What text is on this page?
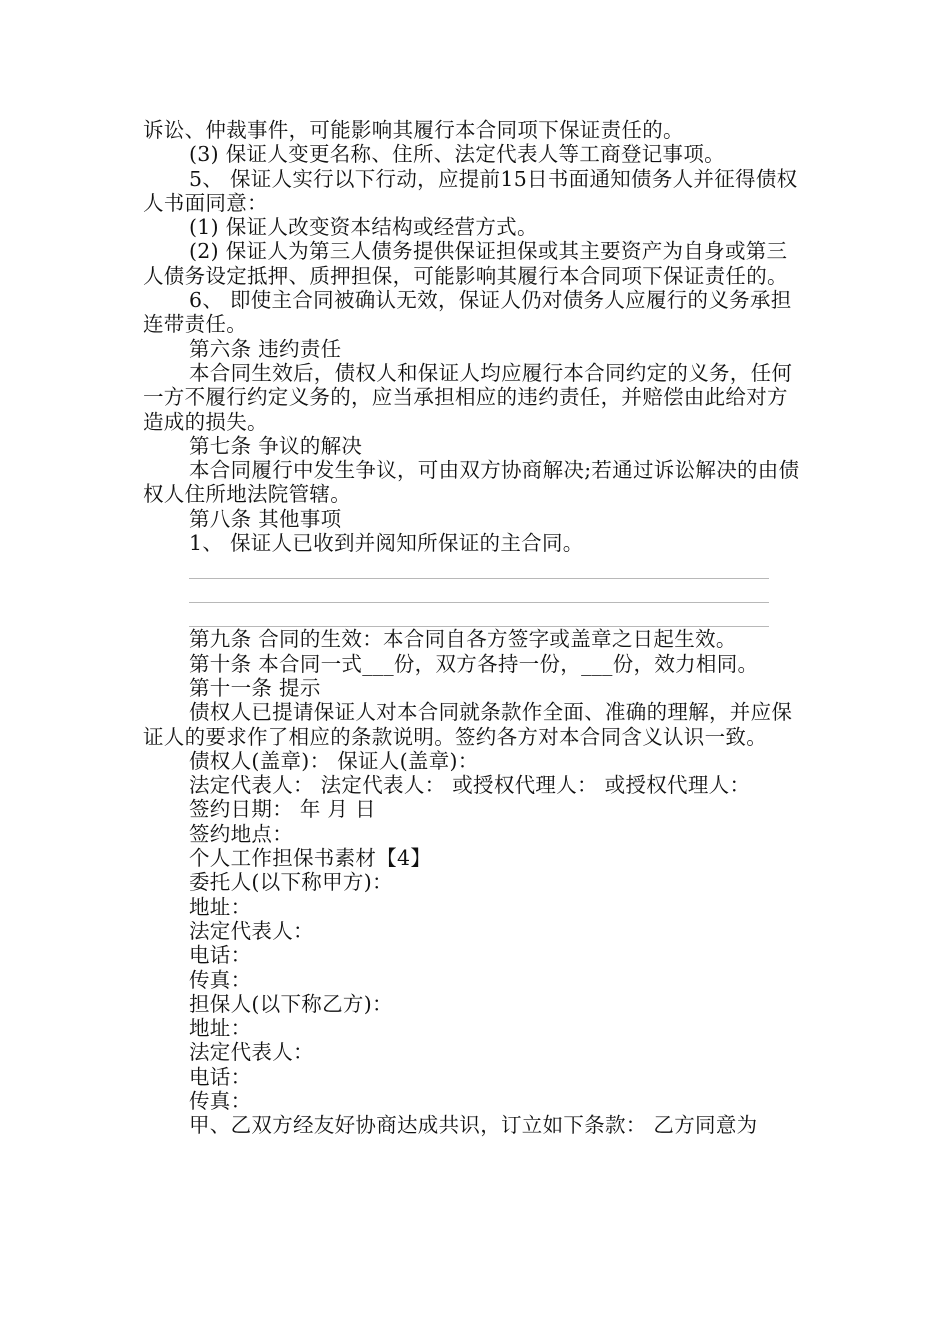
诉讼、仲裁事件，可能影响其履行本合同项下保证责任的。

(3) 保证人变更名称、住所、法定代表人等工商登记事项。

5、 保证人实行以下行动，应提前15日书面通知债务人并征得债权人书面同意：

(1) 保证人改变资本结构或经营方式。

(2) 保证人为第三人债务提供保证担保或其主要资产为自身或第三人债务设定抵押、质押担保，可能影响其履行本合同项下保证责任的。

6、 即使主合同被确认无效，保证人仍对债务人应履行的义务承担连带责任。

第六条 违约责任

本合同生效后，债权人和保证人均应履行本合同约定的义务，任何一方不履行约定义务的，应当承担相应的违约责任，并赔偿由此给对方造成的损失。

第七条 争议的解决

本合同履行中发生争议，可由双方协商解决;若通过诉讼解决的由债权人住所地法院管辖。

第八条 其他事项

1、 保证人已收到并阅知所保证的主合同。

第九条 合同的生效：本合同自各方签字或盖章之日起生效。

第十条 本合同一式___份，双方各持一份，___份，效力相同。

第十一条 提示

债权人已提请保证人对本合同就条款作全面、准确的理解，并应保证人的要求作了相应的条款说明。签约各方对本合同含义认识一致。

债权人(盖章)： 保证人(盖章)：

法定代表人： 法定代表人： 或授权代理人： 或授权代理人：

签约日期： 年 月 日

签约地点：

个人工作担保书素材【4】

委托人(以下称甲方)：

地址：

法定代表人：

电话：

传真：

担保人(以下称乙方)：

地址：

法定代表人：

电话：

传真：

甲、乙双方经友好协商达成共识，订立如下条款： 乙方同意为
